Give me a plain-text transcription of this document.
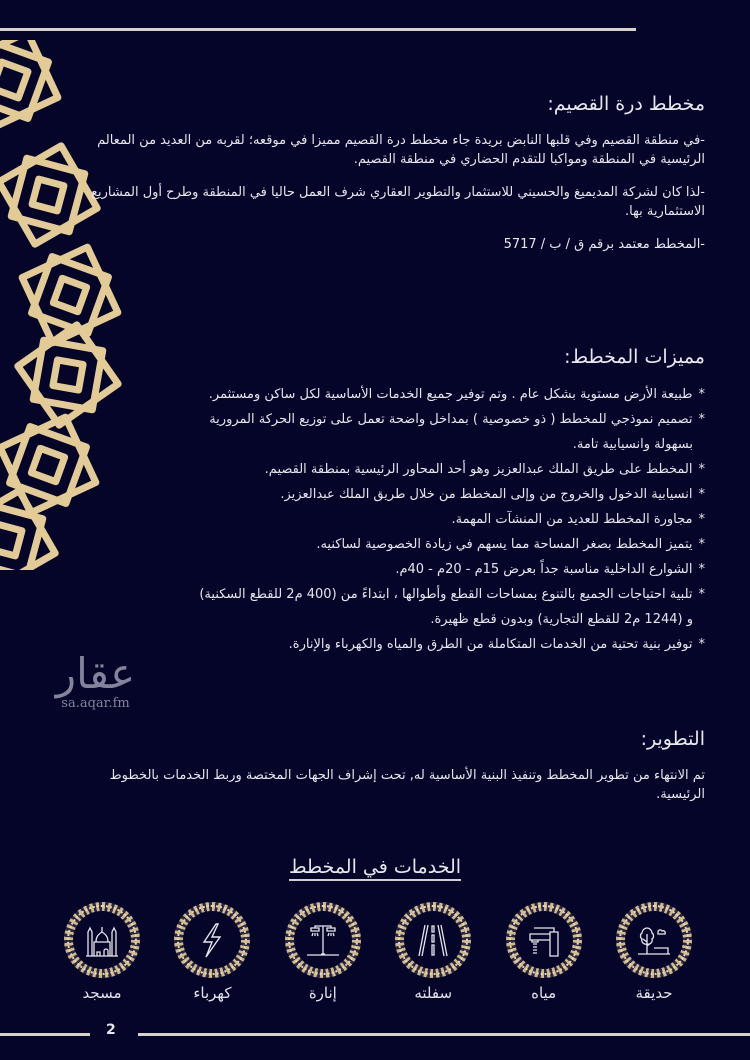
مخطط درة القصيم:

-في منطقة القصيم وفي قلبها النابض بريدة جاء مخطط درة القصيم مميزا في موقعه؛ لقربه من العديد من المعالم الرئيسية في المنطقة ومواكبا للتقدم الحضاري في منطقة القصيم.

-لذا كان لشركة المديميغ والحسيني للاستثمار والتطوير العقاري شرف العمل حاليا في المنطقة وطرح أول المشاريع الاستثمارية بها.

-المخطط معتمد برقم ق / ب / 5717

مميزات المخطط:
*طبيعة الأرض مستوية بشكل عام . وتم توفير جميع الخدمات الأساسية لكل ساكن ومستثمر.
*تصميم نموذجي للمخطط ( ذو خصوصية ) بمداخل واضحة تعمل على توزيع الحركة المرورية
بسهولة وانسيابية تامة.
*المخطط على طريق الملك عبدالعزيز وهو أحد المحاور الرئيسية بمنطقة القصيم.
*انسيابية الدخول والخروج من وإلى المخطط من خلال طريق الملك عبدالعزيز.
*مجاورة المخطط للعديد من المنشآت المهمة.
*يتميز المخطط بصغر المساحة مما يسهم في زيادة الخصوصية لساكنيه.
*الشوارع الداخلية مناسبة جداً بعرض 15م - 20م - 40م.
*تلبية احتياجات الجميع بالتنوع بمساحات القطع وأطوالها ، ابتداءً من (400 م2 للقطع السكنية)
و (1244 م2 للقطع التجارية) وبدون قطع ظهيرة.
*توفير بنية تحتية من الخدمات المتكاملة من الطرق والمياه والكهرباء والإنارة.
عقار
sa.aqar.fm
التطوير:

تم الانتهاء من تطوير المخطط وتنفيذ البنية الأساسية له, تحت إشراف الجهات المختصة وربط الخدمات بالخطوط الرئيسية.

الخدمات في المخطط
مسجد	كهرباء	إنارة	سفلته	مياه	حديقة
2
